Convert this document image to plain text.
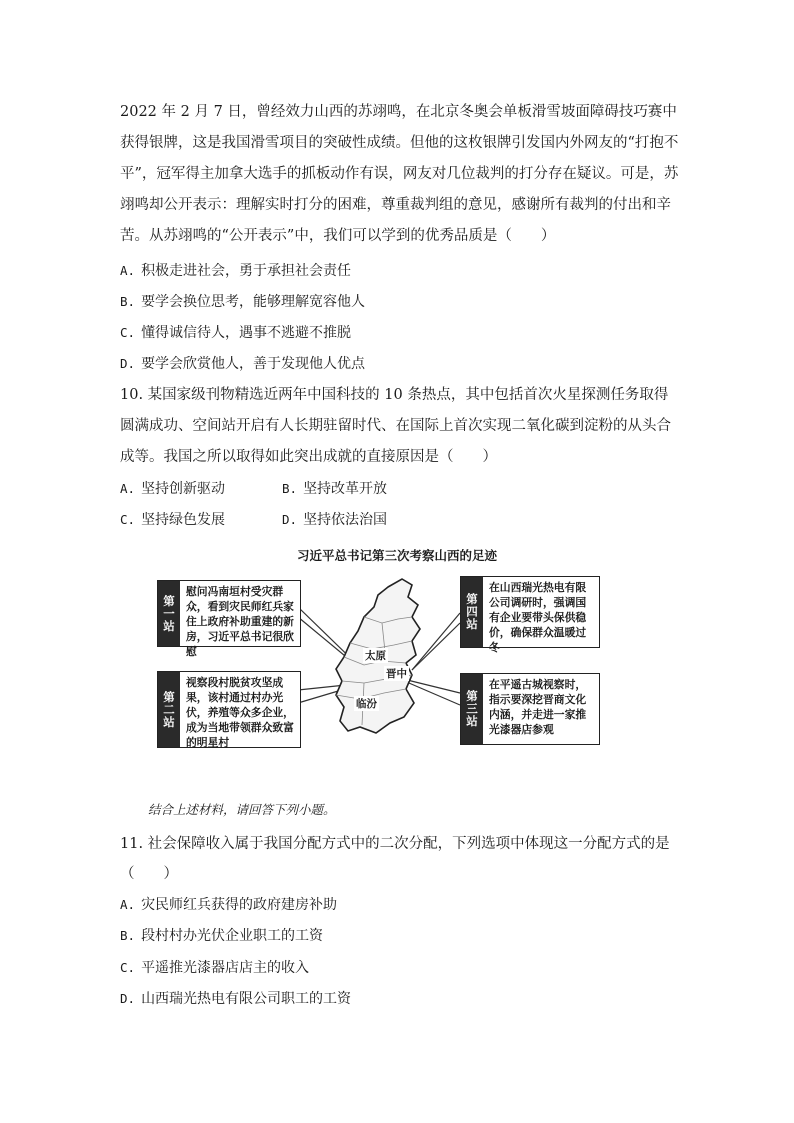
2022 年 2 月 7 日，曾经效力山西的苏翊鸣，在北京冬奥会单板滑雪坡面障碍技巧赛中获得银牌，这是我国滑雪项目的突破性成绩。但他的这枚银牌引发国内外网友的“打抱不平”，冠军得主加拿大选手的抓板动作有误，网友对几位裁判的打分存在疑议。可是，苏翊鸣却公开表示：理解实时打分的困难，尊重裁判组的意见，感谢所有裁判的付出和辛苦。从苏翊鸣的“公开表示”中，我们可以学到的优秀品质是（　　）
A. 积极走进社会，勇于承担社会责任
B. 要学会换位思考，能够理解宽容他人
C. 懂得诚信待人，遇事不逃避不推脱
D. 要学会欣赏他人，善于发现他人优点
10. 某国家级刊物精选近两年中国科技的 10 条热点，其中包括首次火星探测任务取得圆满成功、空间站开启有人长期驻留时代、在国际上首次实现二氧化碳到淀粉的从头合成等。我国之所以取得如此突出成就的直接原因是（　　）
A. 坚持创新驱动	B. 坚持改革开放
C. 坚持绿色发展	D. 坚持依法治国
习近平总书记第三次考察山西的足迹
太原
晋中
临汾
第一站
慰问冯南垣村受灾群众，看到灾民师红兵家住上政府补助重建的新房，习近平总书记很欣慰
第二站
视察段村脱贫攻坚成果，该村通过村办光伏，养殖等众多企业，成为当地带领群众致富的明星村
第三站
在平遥古城视察时，指示要深挖晋商文化内涵，并走进一家推光漆器店参观
第四站
在山西瑞光热电有限公司调研时，强调国有企业要带头保供稳价，确保群众温暖过冬
结合上述材料，请回答下列小题。
11. 社会保障收入属于我国分配方式中的二次分配，下列选项中体现这一分配方式的是
（　　）
A. 灾民师红兵获得的政府建房补助
B. 段村村办光伏企业职工的工资
C. 平遥推光漆器店店主的收入
D. 山西瑞光热电有限公司职工的工资
